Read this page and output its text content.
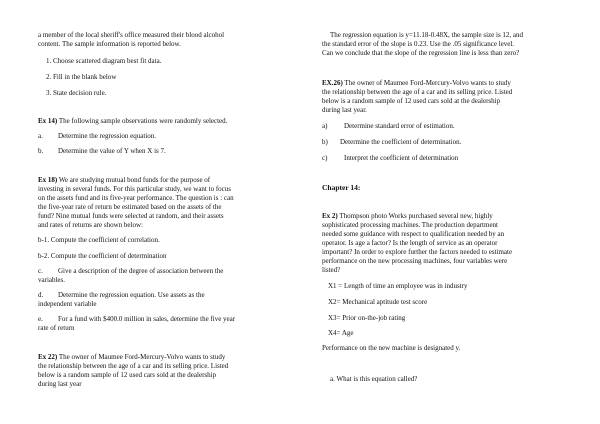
a member of the local sheriff's office measured their blood alcohol

content. The sample information is reported below.

1. Choose scattered diagram best fit data.

2. Fill in the blank below

3. State decision rule.

Ex 14) The following sample observations were randomly selected.

a. Determine the regression equation.

b. Determine the value of Y when X is 7.

Ex 18) We are studying mutual bond funds for the purpose of

investing in several funds. For this particular study, we want to focus

on the assets fund and its five-year performance. The question is : can

the five-year rate of return be estimated based on the assets of the

fund? Nine mutual funds were selected at random, and their assets

and rates of returns are shown below:

b-1. Compute the coefficient of correlation.

b-2. Compute the coefficient of determination

c. Give a description of the degree of association between the

variables.

d. Determine the regression equation. Use assets as the

independent variable

e. For a fund with $400.0 million in sales, determine the five year

rate of return

Ex 22) The owner of Maumee Ford-Mercury-Volvo wants to study

the relationship between the age of a car and its selling price. Listed

below is a random sample of 12 used cars sold at the dealership

during last year

The regression equation is y=11.18-0.48X, the sample size is 12, and

the standard error of the slope is 0.23. Use the .05 significance level.

Can we conclude that the slope of the regression line is less than zero?

EX.26) The owner of Maumee Ford-Mercury-Volvo wants to study

the relationship between the age of a car and its selling price. Listed

below is a random sample of 12 used cars sold at the dealership

during last year.

a) Determine standard error of estimation.

b) Determine the coefficient of determination.

c) Interpret the coefficient of determination

Chapter 14:

Ex 2) Thompson photo Works purchased several new, highly

sophisticated processing machines. The production department

needed some guidance with respect to qualification needed by an

operator. Is age a factor? Is the length of service as an operator

important? In order to explore further the factors needed to estimate

performance on the new processing machines, four variables were

listed?

X1 = Length of time an employee was in industry

X2= Mechanical aptitude test score

X3= Prior on-the-job rating

X4= Age

Performance on the new machine is designated y.

a. What is this equation called?
